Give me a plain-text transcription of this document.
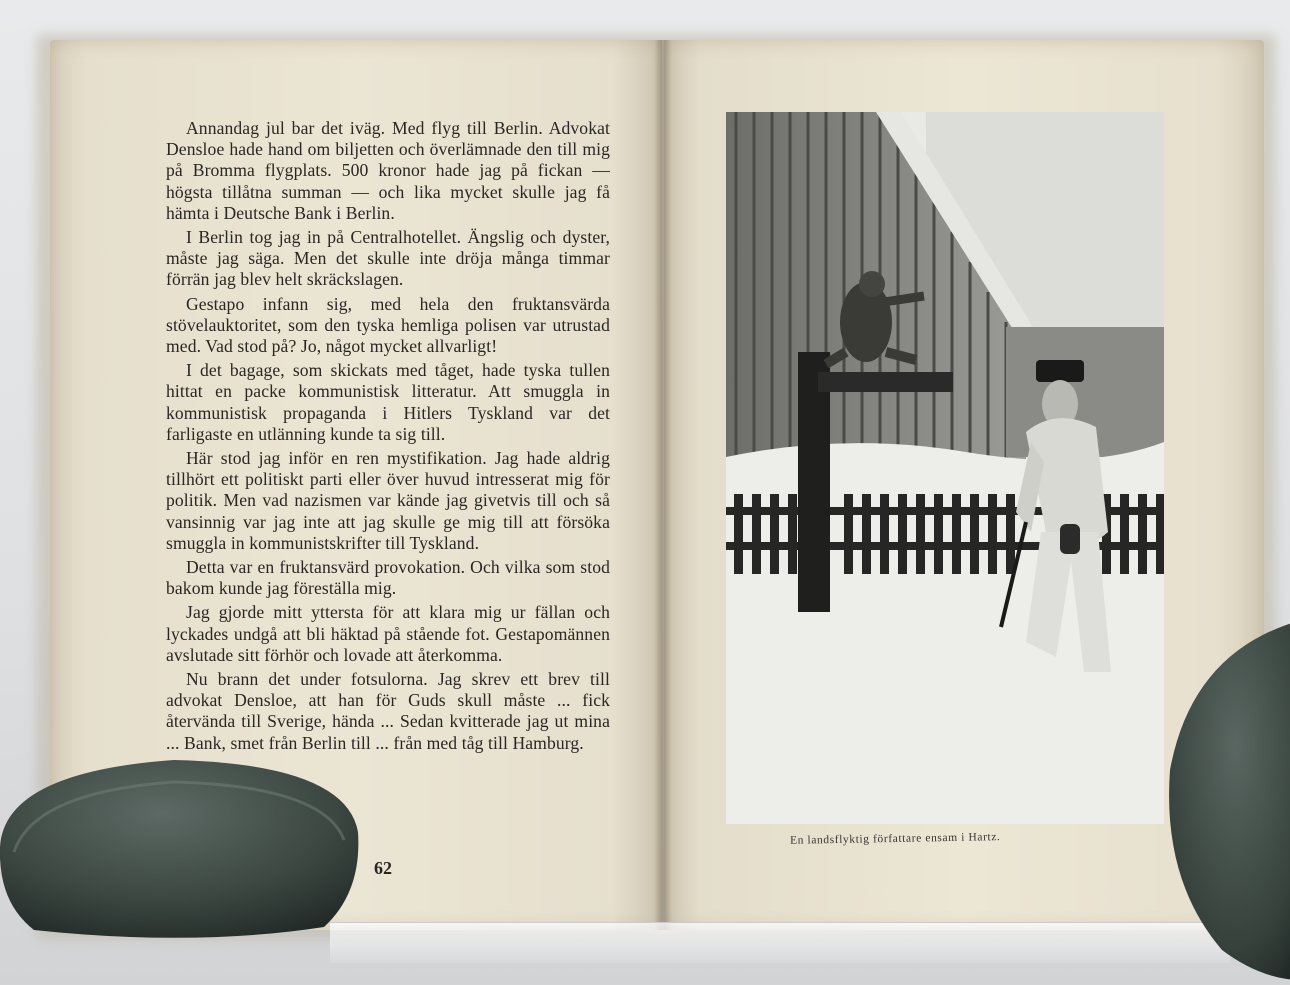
Annandag jul bar det iväg. Med flyg till Berlin. Advokat Densloe hade hand om biljetten och överlämnade den till mig på Bromma flygplats. 500 kronor hade jag på fickan — högsta tillåtna summan — och lika mycket skulle jag få hämta i Deutsche Bank i Berlin.

I Berlin tog jag in på Centralhotellet. Ängslig och dyster, måste jag säga. Men det skulle inte dröja många timmar förrän jag blev helt skräckslagen.

Gestapo infann sig, med hela den fruktansvärda stövelauktoritet, som den tyska hemliga polisen var utrustad med. Vad stod på? Jo, något mycket allvarligt!

I det bagage, som skickats med tåget, hade tyska tullen hittat en packe kommunistisk litteratur. Att smuggla in kommunistisk propaganda i Hitlers Tyskland var det farligaste en utlänning kunde ta sig till.

Här stod jag inför en ren mystifikation. Jag hade aldrig tillhört ett politiskt parti eller över huvud intresserat mig för politik. Men vad nazismen var kände jag givetvis till och så vansinnig var jag inte att jag skulle ge mig till att försöka smuggla in kommunistskrifter till Tyskland.

Detta var en fruktansvärd provokation. Och vilka som stod bakom kunde jag föreställa mig.

Jag gjorde mitt yttersta för att klara mig ur fällan och lyckades undgå att bli häktad på stående fot. Gestapomännen avslutade sitt förhör och lovade att återkomma.

Nu brann det under fotsulorna. Jag skrev ett brev till advokat Densloe, att han för Guds skull måste ... fick återvända till Sverige, hända ... Sedan kvitterade jag ut mina ... Bank, smet från Berlin till ... från med tåg till Hamburg.

62
En landsflyktig författare ensam i Hartz.
